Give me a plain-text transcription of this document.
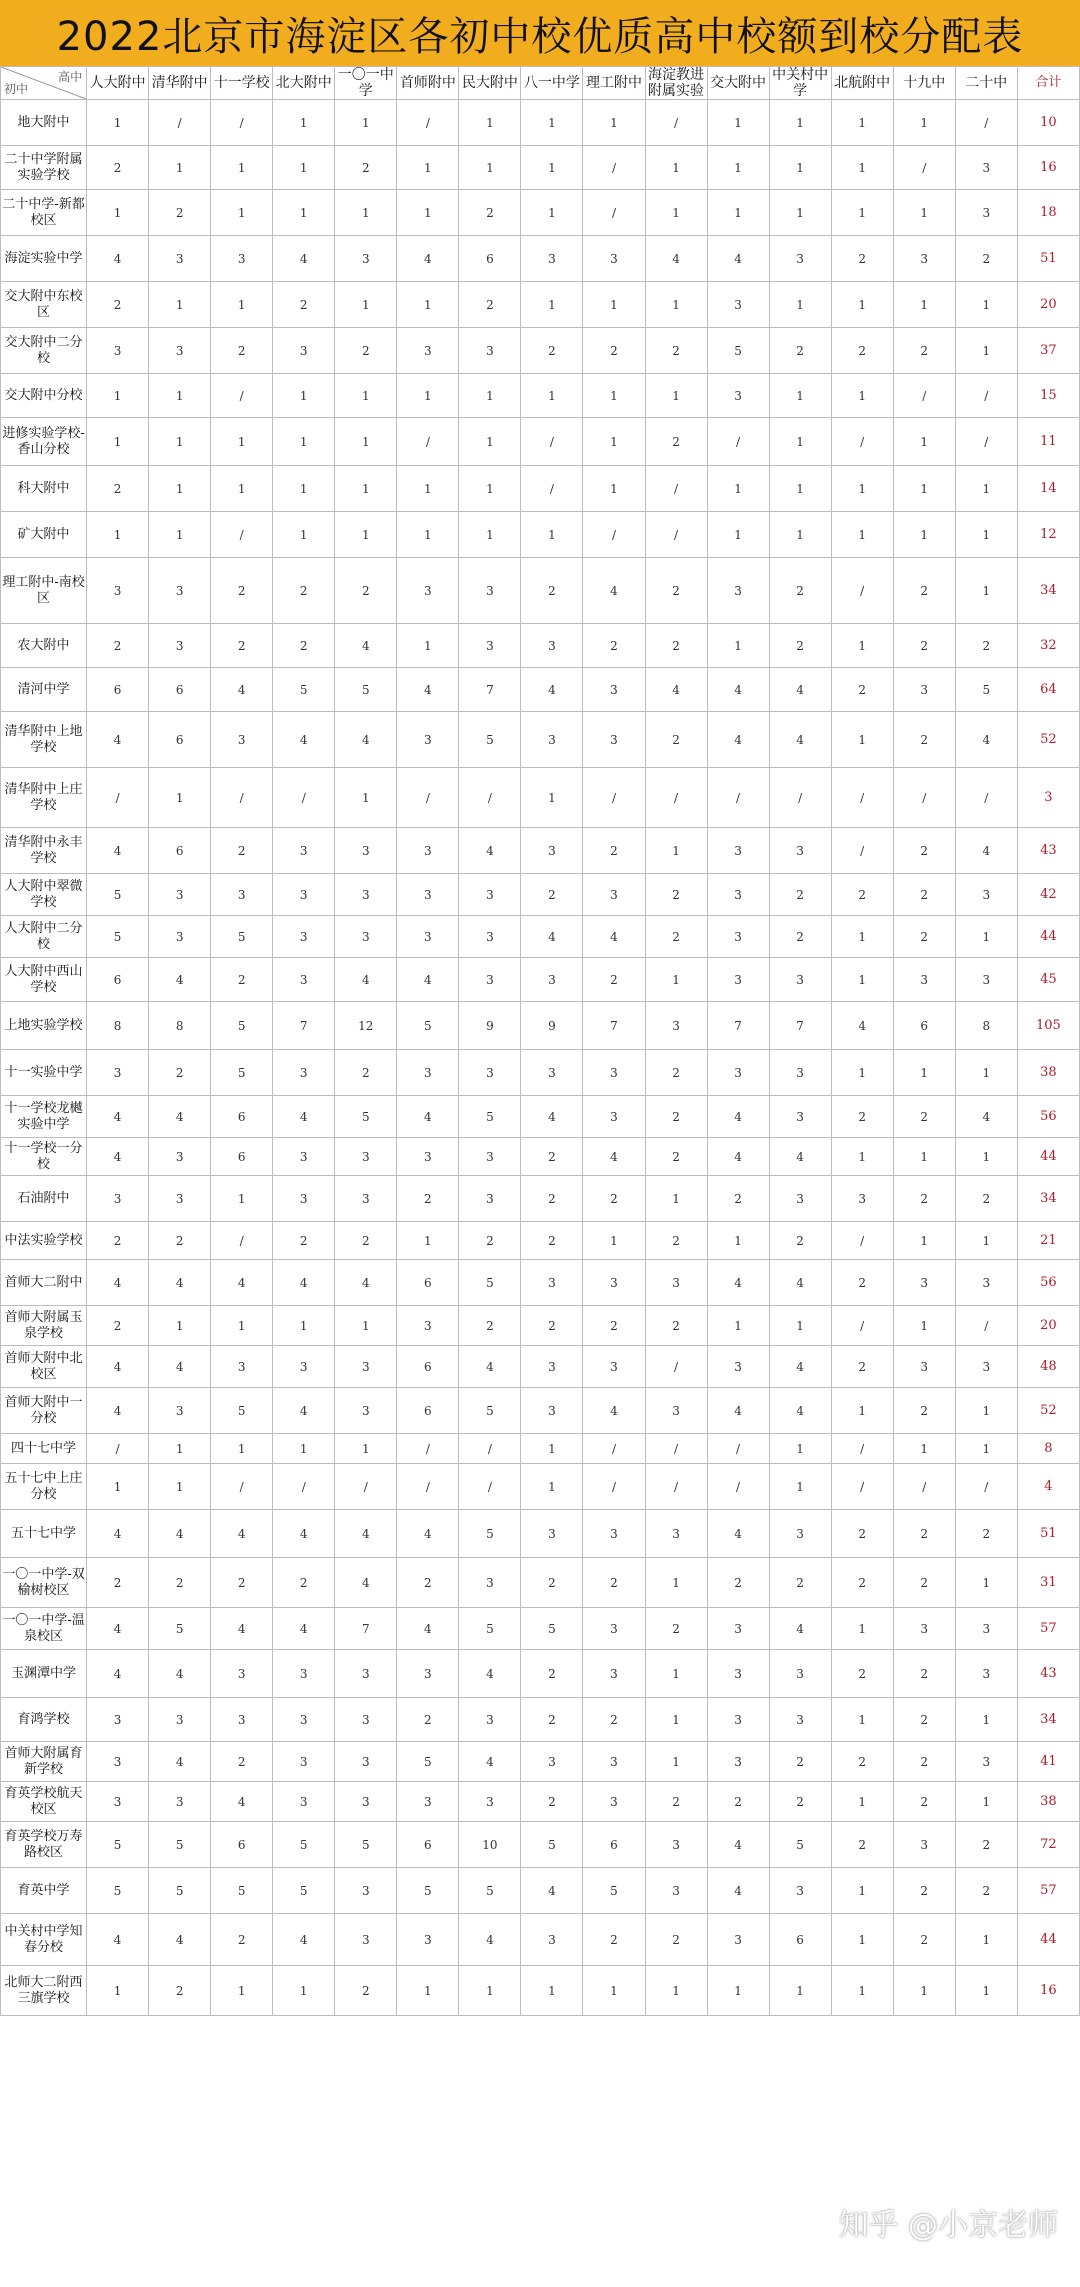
2022北京市海淀区各初中校优质高中校额到校分配表
高中
初中	人大附中	清华附中	十一学校	北大附中	一〇一中学	首师附中	民大附中	八一中学	理工附中	海淀教进附属实验	交大附中	中关村中学	北航附中	十九中	二十中	合计
地大附中	1	/	/	1	1	/	1	1	1	/	1	1	1	1	/	10
二十中学附属实验学校	2	1	1	1	2	1	1	1	/	1	1	1	1	/	3	16
二十中学-新都校区	1	2	1	1	1	1	2	1	/	1	1	1	1	1	3	18
海淀实验中学	4	3	3	4	3	4	6	3	3	4	4	3	2	3	2	51
交大附中东校区	2	1	1	2	1	1	2	1	1	1	3	1	1	1	1	20
交大附中二分校	3	3	2	3	2	3	3	2	2	2	5	2	2	2	1	37
交大附中分校	1	1	/	1	1	1	1	1	1	1	3	1	1	/	/	15
进修实验学校-香山分校	1	1	1	1	1	/	1	/	1	2	/	1	/	1	/	11
科大附中	2	1	1	1	1	1	1	/	1	/	1	1	1	1	1	14
矿大附中	1	1	/	1	1	1	1	1	/	/	1	1	1	1	1	12
理工附中-南校区	3	3	2	2	2	3	3	2	4	2	3	2	/	2	1	34
农大附中	2	3	2	2	4	1	3	3	2	2	1	2	1	2	2	32
清河中学	6	6	4	5	5	4	7	4	3	4	4	4	2	3	5	64
清华附中上地学校	4	6	3	4	4	3	5	3	3	2	4	4	1	2	4	52
清华附中上庄学校	/	1	/	/	1	/	/	1	/	/	/	/	/	/	/	3
清华附中永丰学校	4	6	2	3	3	3	4	3	2	1	3	3	/	2	4	43
人大附中翠微学校	5	3	3	3	3	3	3	2	3	2	3	2	2	2	3	42
人大附中二分校	5	3	5	3	3	3	3	4	4	2	3	2	1	2	1	44
人大附中西山学校	6	4	2	3	4	4	3	3	2	1	3	3	1	3	3	45
上地实验学校	8	8	5	7	12	5	9	9	7	3	7	7	4	6	8	105
十一实验中学	3	2	5	3	2	3	3	3	3	2	3	3	1	1	1	38
十一学校龙樾实验中学	4	4	6	4	5	4	5	4	3	2	4	3	2	2	4	56
十一学校一分校	4	3	6	3	3	3	3	2	4	2	4	4	1	1	1	44
石油附中	3	3	1	3	3	2	3	2	2	1	2	3	3	2	2	34
中法实验学校	2	2	/	2	2	1	2	2	1	2	1	2	/	1	1	21
首师大二附中	4	4	4	4	4	6	5	3	3	3	4	4	2	3	3	56
首师大附属玉泉学校	2	1	1	1	1	3	2	2	2	2	1	1	/	1	/	20
首师大附中北校区	4	4	3	3	3	6	4	3	3	/	3	4	2	3	3	48
首师大附中一分校	4	3	5	4	3	6	5	3	4	3	4	4	1	2	1	52
四十七中学	/	1	1	1	1	/	/	1	/	/	/	1	/	1	1	8
五十七中上庄分校	1	1	/	/	/	/	/	1	/	/	/	1	/	/	/	4
五十七中学	4	4	4	4	4	4	5	3	3	3	4	3	2	2	2	51
一〇一中学-双榆树校区	2	2	2	2	4	2	3	2	2	1	2	2	2	2	1	31
一〇一中学-温泉校区	4	5	4	4	7	4	5	5	3	2	3	4	1	3	3	57
玉渊潭中学	4	4	3	3	3	3	4	2	3	1	3	3	2	2	3	43
育鸿学校	3	3	3	3	3	2	3	2	2	1	3	3	1	2	1	34
首师大附属育新学校	3	4	2	3	3	5	4	3	3	1	3	2	2	2	3	41
育英学校航天校区	3	3	4	3	3	3	3	2	3	2	2	2	1	2	1	38
育英学校万寿路校区	5	5	6	5	5	6	10	5	6	3	4	5	2	3	2	72
育英中学	5	5	5	5	3	5	5	4	5	3	4	3	1	2	2	57
中关村中学知春分校	4	4	2	4	3	3	4	3	2	2	3	6	1	2	1	44
北师大二附西三旗学校	1	2	1	1	2	1	1	1	1	1	1	1	1	1	1	16
知乎 @小京老师
